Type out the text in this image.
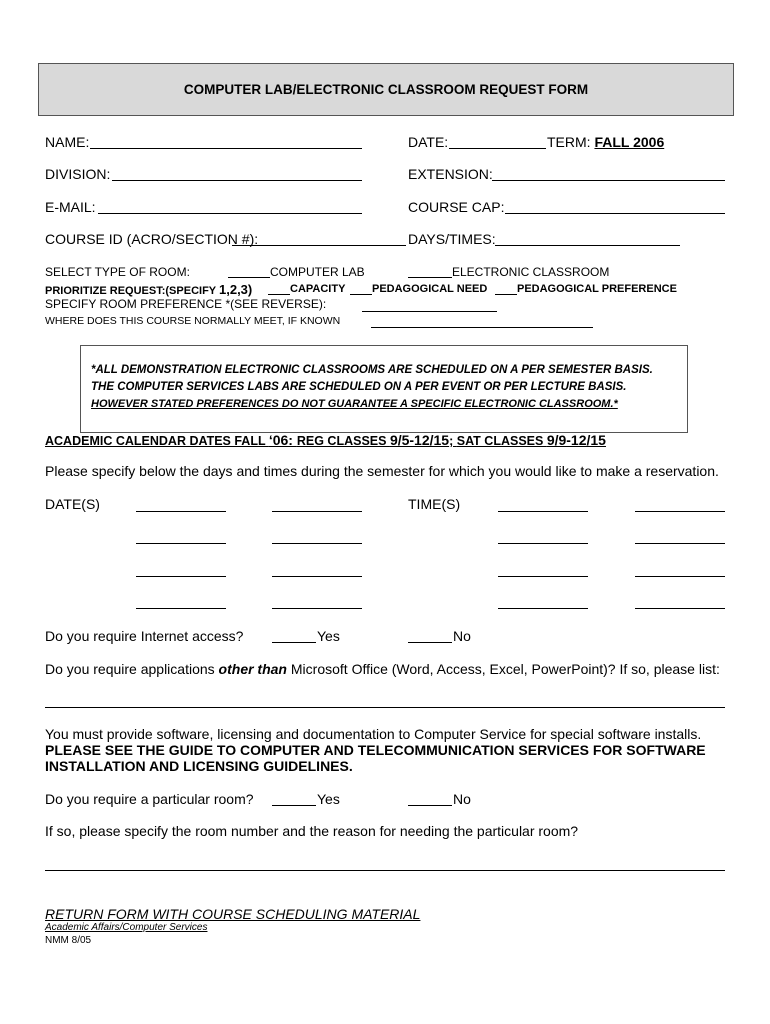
COMPUTER LAB/ELECTRONIC CLASSROOM REQUEST FORM
NAME:	DATE:	TERM: FALL 2006
DIVISION:	EXTENSION:
E-MAIL:	COURSE CAP:
COURSE ID (ACRO/SECTION #):	DAYS/TIMES:
SELECT TYPE OF ROOM:	COMPUTER LAB	ELECTRONIC CLASSROOM
PRIORITIZE REQUEST:(SPECIFY 1,2,3)	CAPACITY PEDAGOGICAL NEED	PEDAGOGICAL PREFERENCE
SPECIFY ROOM PREFERENCE *(SEE REVERSE):
WHERE DOES THIS COURSE NORMALLY MEET, IF KNOWN
*ALL DEMONSTRATION ELECTRONIC CLASSROOMS ARE SCHEDULED ON A PER SEMESTER BASIS.
THE COMPUTER SERVICES LABS ARE SCHEDULED ON A PER EVENT OR PER LECTURE BASIS.
HOWEVER STATED PREFERENCES DO NOT GUARANTEE A SPECIFIC ELECTRONIC CLASSROOM.*
ACADEMIC CALENDAR DATES FALL ‘06: REG CLASSES 9/5-12/15; SAT CLASSES 9/9-12/15
Please specify below the days and times during the semester for which you would like to make a reservation.
DATE(S)	TIME(S)
Do you require Internet access?	Yes	No
Do you require applications other than Microsoft Office (Word, Access, Excel, PowerPoint)? If so, please list:
You must provide software, licensing and documentation to Computer Service for special software installs.
PLEASE SEE THE GUIDE TO COMPUTER AND TELECOMMUNICATION SERVICES FOR SOFTWARE
INSTALLATION AND LICENSING GUIDELINES.
Do you require a particular room?	Yes	No
If so, please specify the room number and the reason for needing the particular room?
RETURN FORM WITH COURSE SCHEDULING MATERIAL
Academic Affairs/Computer Services
NMM 8/05
